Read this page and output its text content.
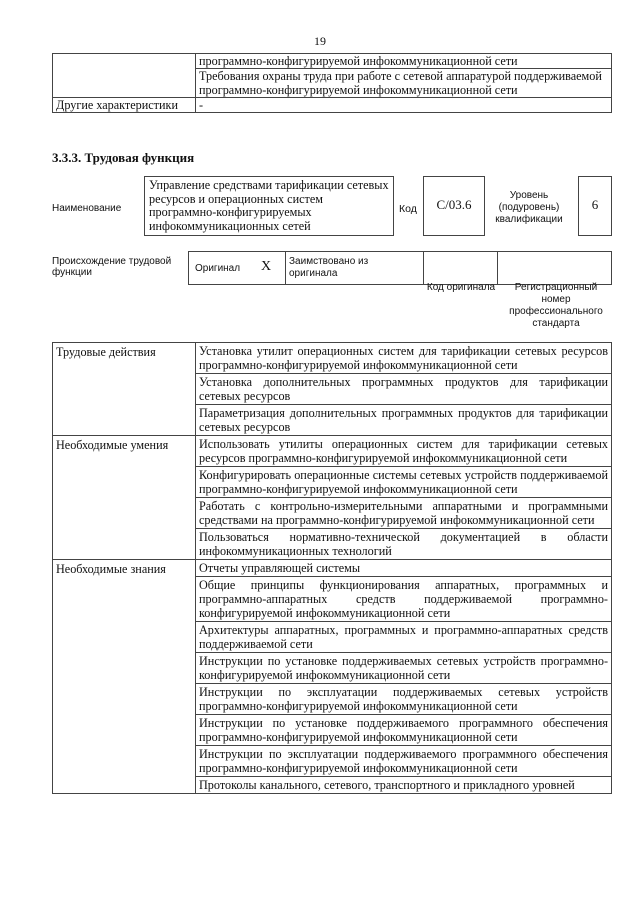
19
	программно-конфигурируемой инфокоммуникационной сети
	Требования охраны труда при работе с сетевой аппаратурой поддерживаемой программно-конфигурируемой инфокоммуникационной сети
Другие характеристики	-
3.3.3. Трудовая функция
Наименование
Управление средствами тарификации сетевых ресурсов и операционных систем программно-конфигурируемых инфокоммуникационных сетей
Код	C/03.6
Уровень (подуровень) квалификации
6
Происхождение трудовой функции	Оригинал X Заимствовано из оригинала
Код оригинала	Регистрационный номер профессионального стандарта
Трудовые действия	Установка утилит операционных систем для тарификации сетевых ресурсов программно-конфигурируемой инфокоммуникационной сети
	Установка дополнительных программных продуктов для тарификации сетевых ресурсов
	Параметризация дополнительных программных продуктов для тарификации сетевых ресурсов
Необходимые умения	Использовать утилиты операционных систем для тарификации сетевых ресурсов программно-конфигурируемой инфокоммуникационной сети
	Конфигурировать операционные системы сетевых устройств поддерживаемой программно-конфигурируемой инфокоммуникационной сети
	Работать с контрольно-измерительными аппаратными и программными средствами на программно-конфигурируемой инфокоммуникационной сети
	Пользоваться нормативно-технической документацией в области инфокоммуникационных технологий
Необходимые знания	Отчеты управляющей системы
	Общие принципы функционирования аппаратных, программных и программно-аппаратных средств поддерживаемой программно-конфигурируемой инфокоммуникационной сети
	Архитектуры аппаратных, программных и программно-аппаратных средств поддерживаемой сети
	Инструкции по установке поддерживаемых сетевых устройств программно-конфигурируемой инфокоммуникационной сети
	Инструкции по эксплуатации поддерживаемых сетевых устройств программно-конфигурируемой инфокоммуникационной сети
	Инструкции по установке поддерживаемого программного обеспечения программно-конфигурируемой инфокоммуникационной сети
	Инструкции по эксплуатации поддерживаемого программного обеспечения программно-конфигурируемой инфокоммуникационной сети
	Протоколы канального, сетевого, транспортного и прикладного уровней
